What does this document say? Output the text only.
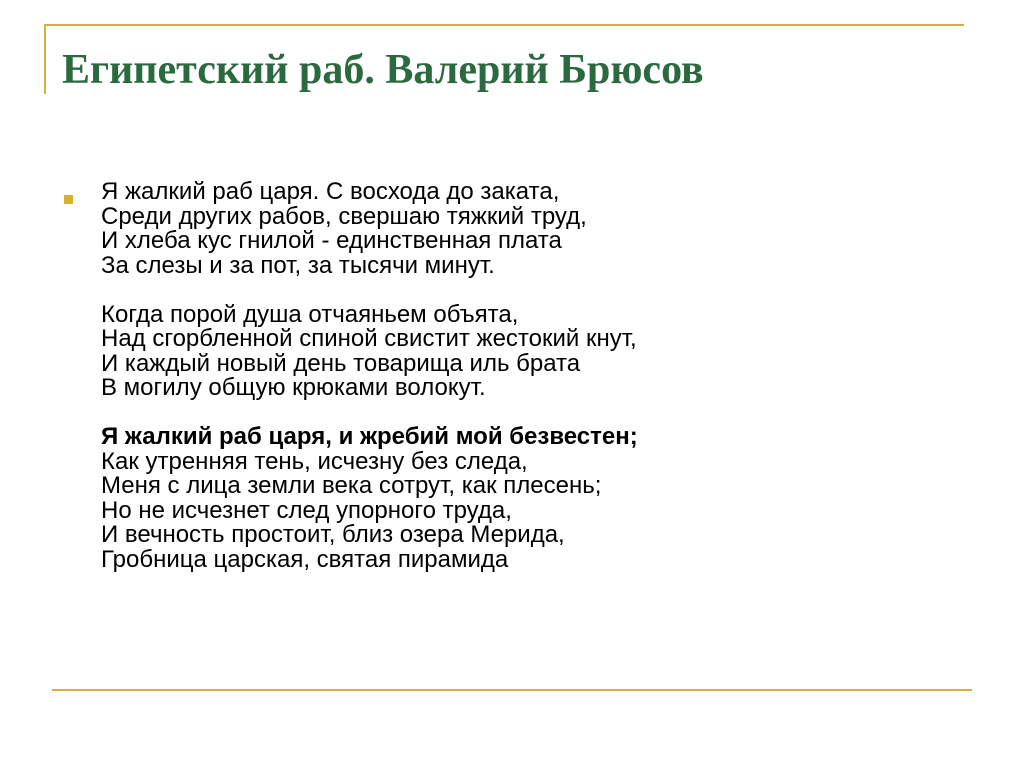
Египетский раб. Валерий Брюсов
Я жалкий раб царя. С восхода до заката,
Среди других рабов, свершаю тяжкий труд,
И хлеба кус гнилой - единственная плата
За слезы и за пот, за тысячи минут.
Когда порой душа отчаяньем объята,
Над сгорбленной спиной свистит жестокий кнут,
И каждый новый день товарища иль брата
В могилу общую крюками волокут.
Я жалкий раб царя, и жребий мой безвестен;
Как утренняя тень, исчезну без следа,
Меня с лица земли века сотрут, как плесень;
Но не исчезнет след упорного труда,
И вечность простоит, близ озера Мерида,
Гробница царская, святая пирамида
